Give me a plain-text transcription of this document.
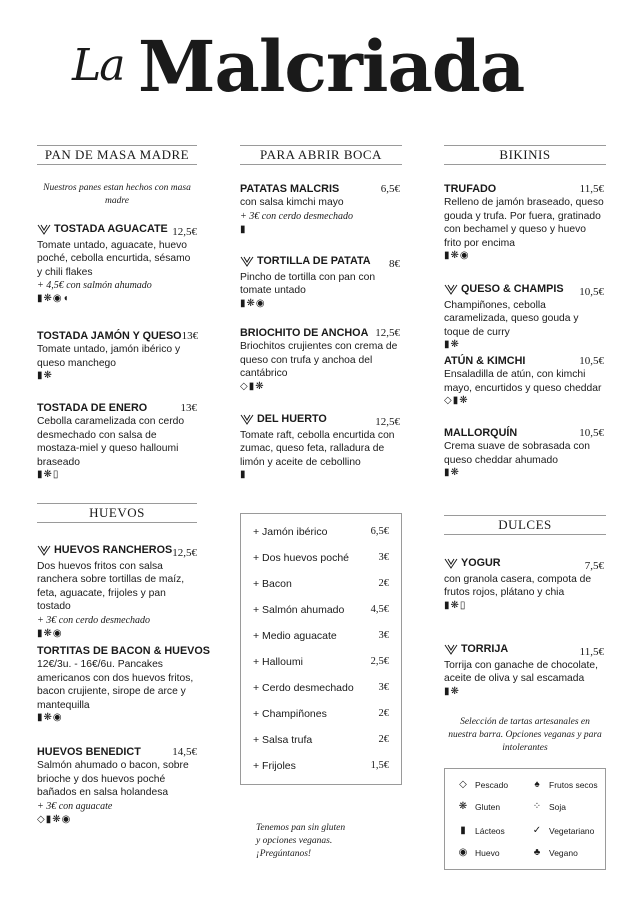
La Malcriada
PAN DE MASA MADRE	PARA ABRIR BOCA	BIKINIS
HUEVOS
DULCES
Nuestros panes estan hechos con masa madre
TOSTADA AGUACATE 12,5€
Tomate untado, aguacate, huevo poché, cebolla encurtida, sésamo y chili flakes
+ 4,5€ con salmón ahumado
▮❋◉◖
TOSTADA JAMÓN Y QUESO 13€
Tomate untado, jamón ibérico y queso manchego
▮❋
TOSTADA DE ENERO	13€
Cebolla caramelizada con cerdo desmechado con salsa de mostaza-miel y queso halloumi braseado
▮❋▯
PATATAS MALCRIS	6,5€
con salsa kimchi mayo
+ 3€ con cerdo desmechado
▮
TORTILLA DE PATATA 8€
Pincho de tortilla con pan con tomate untado
▮❋◉
BRIOCHITO DE ANCHOA 12,5€
Briochitos crujientes con crema de queso con trufa y anchoa del cantábrico
◇▮❋
DEL HUERTO	12,5€
Tomate raft, cebolla encurtida con zumac, queso feta, ralladura de limón y aceite de cebollino
▮
TRUFADO	11,5€
Relleno de jamón braseado, queso gouda y trufa. Por fuera, gratinado con bechamel y queso y huevo frito por encima
▮❋◉
QUESO & CHAMPIS 10,5€
Champiñones, cebolla caramelizada, queso gouda y toque de curry
▮❋
ATÚN & KIMCHI	10,5€
Ensaladilla de atún, con kimchi mayo, encurtidos y queso cheddar
◇▮❋
MALLORQUÍN	10,5€
Crema suave de sobrasada con queso cheddar ahumado
▮❋
HUEVOS RANCHEROS 12,5€
Dos huevos fritos con salsa ranchera sobre tortillas de maíz, feta, aguacate, frijoles y pan tostado
+ 3€ con cerdo desmechado
▮❋◉
TORTITAS DE BACON & HUEVOS
12€/3u. - 16€/6u. Pancakes americanos con dos huevos fritos, bacon crujiente, sirope de arce y mantequilla
▮❋◉
HUEVOS BENEDICT	14,5€
Salmón ahumado o bacon, sobre brioche y dos huevos poché bañados en salsa holandesa
+ 3€ con aguacate
◇▮❋◉
+ Jamón ibérico	6,5€
+ Dos huevos poché	3€
+ Bacon	2€
+ Salmón ahumado	4,5€
+ Medio aguacate	3€
+ Halloumi	2,5€
+ Cerdo desmechado 3€
+ Champiñones	2€
+ Salsa trufa	2€
+ Frijoles	1,5€
Tenemos pan sin gluten
y opciones veganas.
¡Pregúntanos!
YOGUR	7,5€
con granola casera, compota de frutos rojos, plátano y chia
▮❋▯
TORRIJA	11,5€
Torrija con ganache de chocolate, aceite de oliva y sal escamada
▮❋
Selección de tartas artesanales en nuestra barra. Opciones veganas y para intolerantes
◇ Pescado	♠	Frutos secos
❋ Gluten	⁘ Soja
▮	Lácteos	✓ Vegetariano
◉ Huevo	♣	Vegano
